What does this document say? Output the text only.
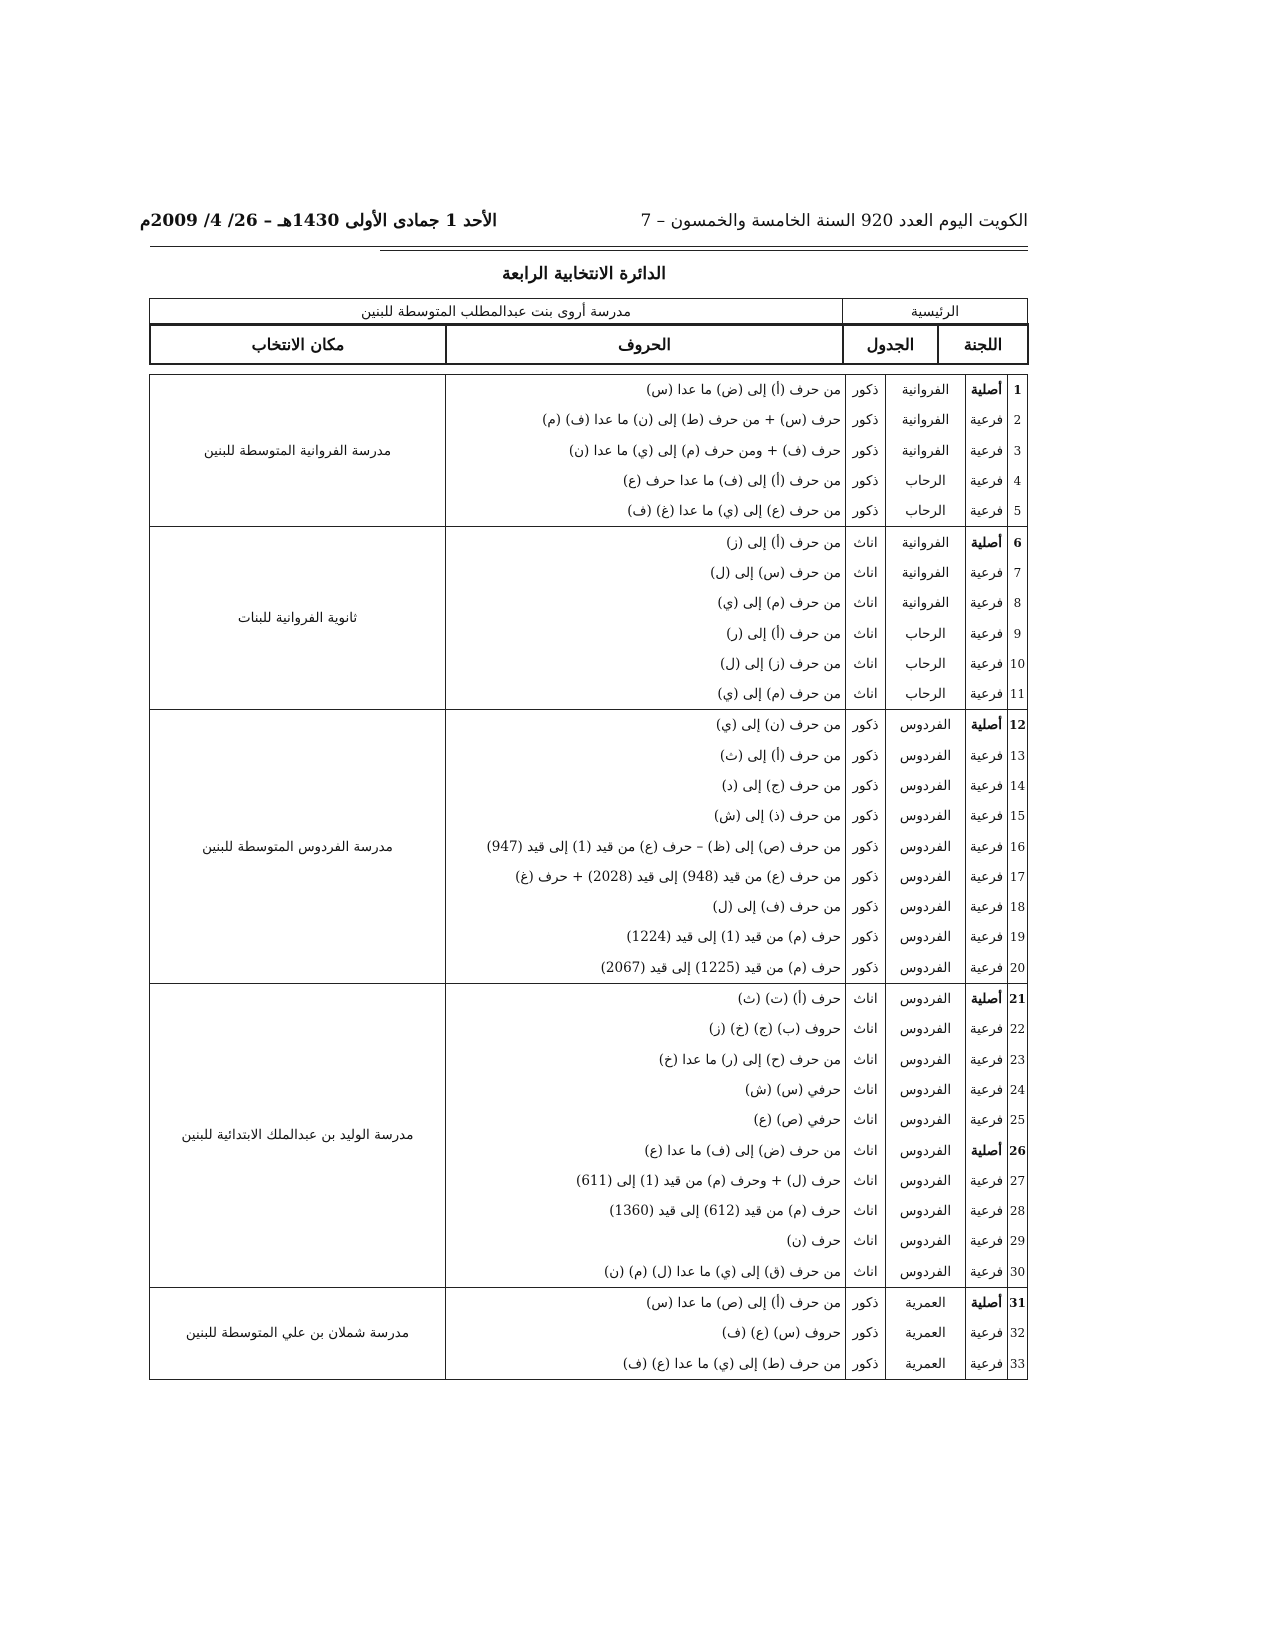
الكويت اليوم العدد 920 السنة الخامسة والخمسون – 7
الأحد 1 جمادى الأولى 1430هـ – 26/ 4/ 2009م
الدائرة الانتخابية الرابعة
الرئيسية	مدرسة أروى بنت عبدالمطلب المتوسطة للبنين
اللجنة	الجدول	الحروف	مكان الانتخاب
1	أصلية	الفروانية	ذكور	من حرف (أ) إلى (ض) ما عدا (س)	مدرسة الفروانية المتوسطة للبنين
2	فرعية	الفروانية	ذكور	حرف (س) + من حرف (ط) إلى (ن) ما عدا (ف) (م)	
3	فرعية	الفروانية	ذكور	حرف (ف) + ومن حرف (م) إلى (ي) ما عدا (ن)	
4	فرعية	الرحاب	ذكور	من حرف (أ) إلى (ف) ما عدا حرف (ع)	
5	فرعية	الرحاب	ذكور	من حرف (ع) إلى (ي) ما عدا (غ) (ف)	
6	أصلية	الفروانية	اناث	من حرف (أ) إلى (ز)	ثانوية الفروانية للبنات
7	فرعية	الفروانية	اناث	من حرف (س) إلى (ل)	
8	فرعية	الفروانية	اناث	من حرف (م) إلى (ي)	
9	فرعية	الرحاب	اناث	من حرف (أ) إلى (ر)	
10	فرعية	الرحاب	اناث	من حرف (ز) إلى (ل)	
11	فرعية	الرحاب	اناث	من حرف (م) إلى (ي)	
12	أصلية	الفردوس	ذكور	من حرف (ن) إلى (ي)	مدرسة الفردوس المتوسطة للبنين
13	فرعية	الفردوس	ذكور	من حرف (أ) إلى (ث)	
14	فرعية	الفردوس	ذكور	من حرف (ج) إلى (د)	
15	فرعية	الفردوس	ذكور	من حرف (ذ) إلى (ش)	
16	فرعية	الفردوس	ذكور	من حرف (ص) إلى (ظ) – حرف (ع) من قيد (1) إلى قيد (947)	
17	فرعية	الفردوس	ذكور	من حرف (ع) من قيد (948) إلى قيد (2028) + حرف (غ)	
18	فرعية	الفردوس	ذكور	من حرف (ف) إلى (ل)	
19	فرعية	الفردوس	ذكور	حرف (م) من قيد (1) إلى قيد (1224)	
20	فرعية	الفردوس	ذكور	حرف (م) من قيد (1225) إلى قيد (2067)	
21	أصلية	الفردوس	اناث	حرف (أ) (ت) (ث)	مدرسة الوليد بن عبدالملك الابتدائية للبنين
22	فرعية	الفردوس	اناث	حروف (ب) (ج) (خ) (ز)	
23	فرعية	الفردوس	اناث	من حرف (ح) إلى (ر) ما عدا (خ)	
24	فرعية	الفردوس	اناث	حرفي (س) (ش)	
25	فرعية	الفردوس	اناث	حرفي (ص) (ع)	
26	أصلية	الفردوس	اناث	من حرف (ض) إلى (ف) ما عدا (ع)	
27	فرعية	الفردوس	اناث	حرف (ل) + وحرف (م) من قيد (1) إلى (611)	
28	فرعية	الفردوس	اناث	حرف (م) من قيد (612) إلى قيد (1360)	
29	فرعية	الفردوس	اناث	حرف (ن)	
30	فرعية	الفردوس	اناث	من حرف (ق) إلى (ي) ما عدا (ل) (م) (ن)	
31	أصلية	العمرية	ذكور	من حرف (أ) إلى (ص) ما عدا (س)	مدرسة شملان بن علي المتوسطة للبنين
32	فرعية	العمرية	ذكور	حروف (س) (ع) (ف)	
33	فرعية	العمرية	ذكور	من حرف (ط) إلى (ي) ما عدا (ع) (ف)	
